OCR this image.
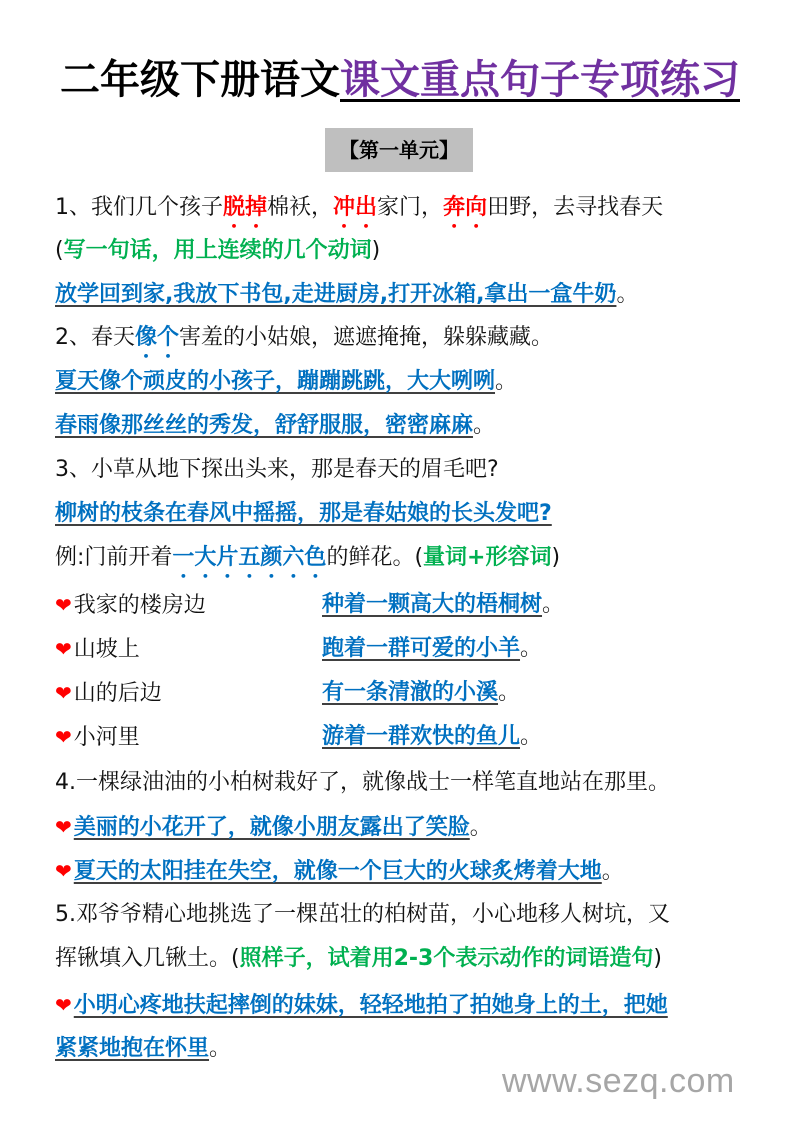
二年级下册语文课文重点句子专项练习
【第一单元】
1、我们几个孩子脱掉棉袄，冲出家门，奔向田野，去寻找春天
(写一句话，用上连续的几个动词)
放学回到家,我放下书包,走进厨房,打开冰箱,拿出一盒牛奶。
2、春天像个害羞的小姑娘，遮遮掩掩，躲躲藏藏。
夏天像个顽皮的小孩子，蹦蹦跳跳，大大咧咧。
春雨像那丝丝的秀发，舒舒服服，密密麻麻。
3、小草从地下探出头来，那是春天的眉毛吧?
柳树的枝条在春风中摇摇，那是春姑娘的长头发吧?
例:门前开着一大片五颜六色的鲜花。(量词+形容词)
❤我家的楼房边	种着一颗高大的梧桐树。
❤山坡上	跑着一群可爱的小羊。
❤山的后边	有一条清澈的小溪。
❤小河里	游着一群欢快的鱼儿。
4.一棵绿油油的小柏树栽好了，就像战士一样笔直地站在那里。
❤美丽的小花开了，就像小朋友露出了笑脸。
❤夏天的太阳挂在失空，就像一个巨大的火球炙烤着大地。
5.邓爷爷精心地挑选了一棵茁壮的柏树苗，小心地移人树坑，又
挥锹填入几锹土。(照样子，试着用2-3个表示动作的词语造句)
❤小明心疼地扶起摔倒的妹妹，轻轻地拍了拍她身上的土，把她
紧紧地抱在怀里。
www.sezq.com
